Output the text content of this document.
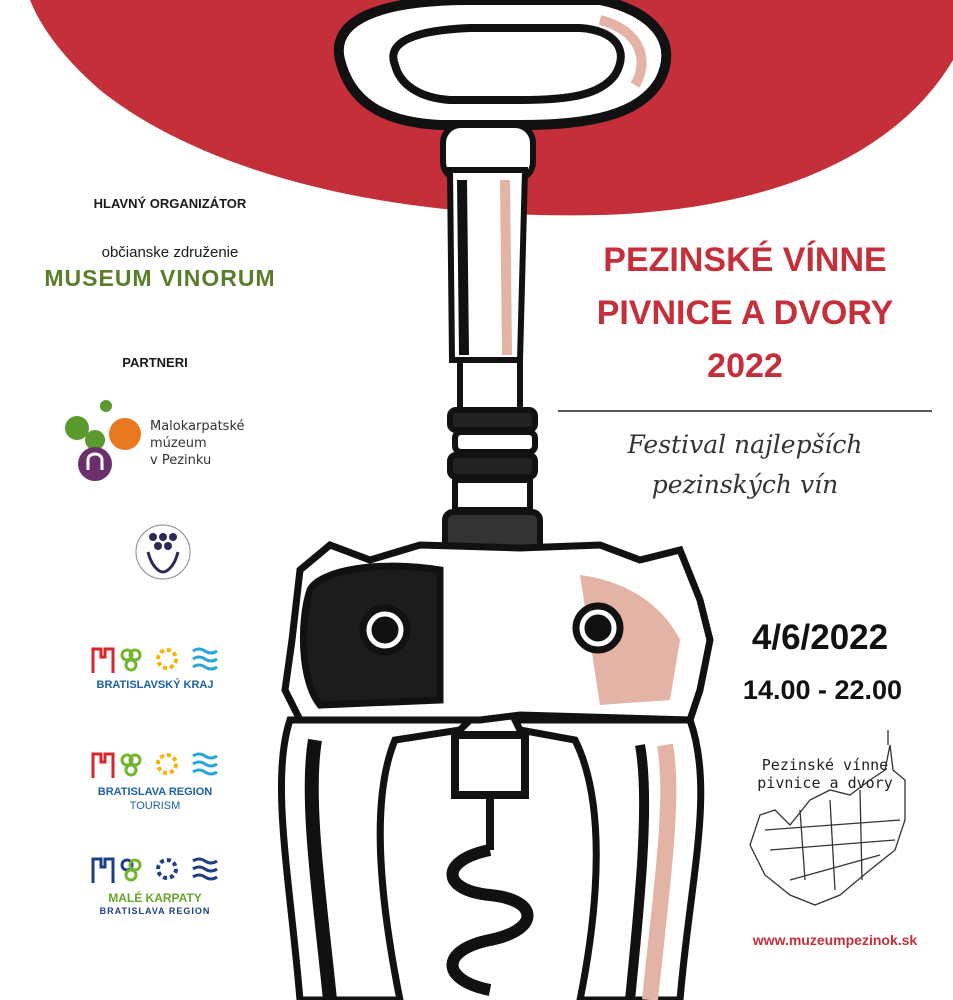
HLAVNÝ ORGANIZÁTOR
občianske združenie
MUSEUM VINORUM
PARTNERI
Malokarpatské
múzeum
v Pezinku
BRATISLAVSKÝ KRAJ
BRATISLAVA REGION
TOURISM
MALÉ KARPATY
BRATISLAVA REGION
PEZINSKÉ VÍNNE
PIVNICE A DVORY
2022
Festival najlepších
pezinských vín
4/6/2022
14.00 - 22.00
Pezinské vínne
pivnice a dvory
www.muzeumpezinok.sk
